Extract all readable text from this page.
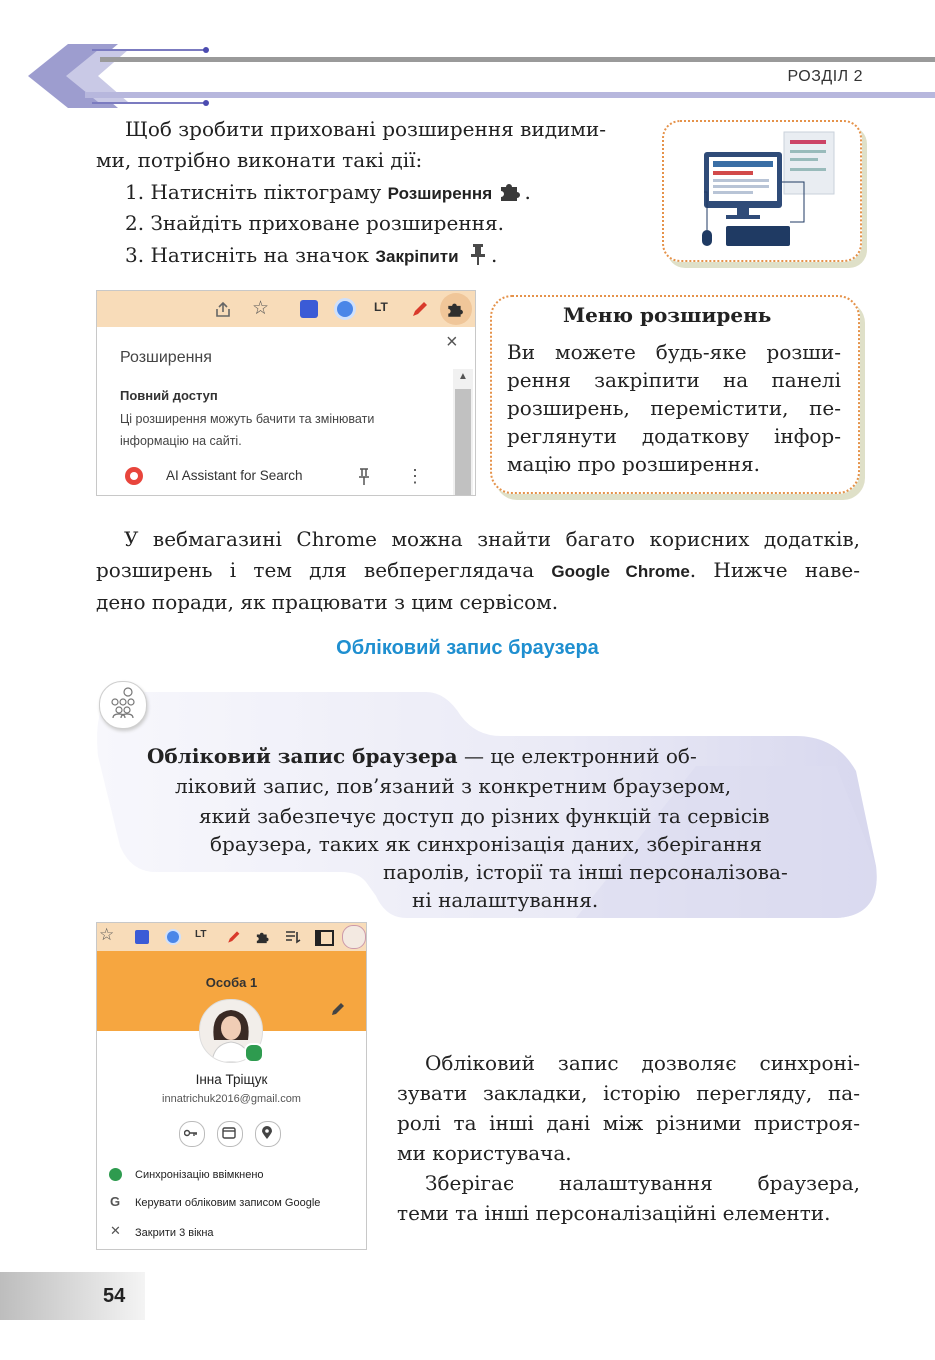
РОЗДІЛ 2
Щоб зробити приховані розширення видими-
ми, потрібно виконати такі дії:
1. Натисніть піктограму Розширення .
2. Знайдіть приховане розширення.
3. Натисніть на значок Закріпити .
☆	LT
Розширення
×
Повний доступ
Ці розширення можуть бачити та змінювати
інформацію на сайті.
▲
AI Assistant for Search	⋮
Меню розширень
Ви можете будь-яке розши-
рення закріпити на панелі
розширень, перемістити, пе-
реглянути додаткову інфор-
мацію про розширення.
У вебмагазині Chrome можна знайти багато корисних додатків,
розширень і тем для вебпереглядача Google Chrome. Нижче наве-
дено поради, як працювати з цим сервісом.
Обліковий запис браузера
Обліковий запис браузера — це електронний об-
ліковий запис, пов’язаний з конкретним браузером,
який забезпечує доступ до різних функцій та сервісів
браузера, таких як синхронізація даних, зберігання
паролів, історії та інші персоналізова-
ні налаштування.
☆	LT
Особа 1
Інна Тріщук
innatrichuk2016@gmail.com
Синхронізацію ввімкнено
G Керувати обліковим записом Google
✕ Закрити 3 вікна
Обліковий запис дозволяє синхроні-
зувати закладки, історію перегляду, па-
ролі та інші дані між різними пристроя-
ми користувача.
Зберігає налаштування браузера,
теми та інші персоналізаційні елементи.
54
